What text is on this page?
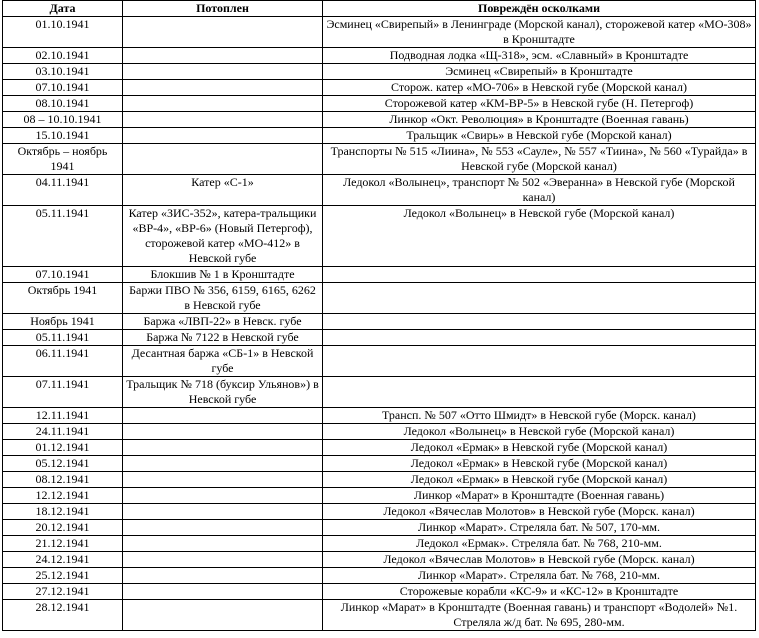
Дата	Потоплен	Повреждён осколками
01.10.1941		Эсминец «Свирепый» в Ленинграде (Морской канал), сторожевой катер «МО-308» в Кронштадте
02.10.1941		Подводная лодка «Щ-318», эсм. «Славный» в Кронштадте
03.10.1941		Эсминец «Свирепый» в Кронштадте
07.10.1941		Сторож. катер «МО-706» в Невской губе (Морской канал)
08.10.1941		Сторожевой катер «КМ-ВР-5» в Невской губе (Н. Петергоф)
08 – 10.10.1941		Линкор «Окт. Революция» в Кронштадте (Военная гавань)
15.10.1941		Тральщик «Свирь» в Невской губе (Морской канал)
Октябрь – ноябрь 1941		Транспорты № 515 «Лиина», № 553 «Сауле», № 557 «Тиина», № 560 «Турайда» в Невской губе (Морской канал)
04.11.1941	Катер «С-1»	Ледокол «Волынец», транспорт № 502 «Эверанна» в Невской губе (Морской канал)
05.11.1941	Катер «ЗИС-352», катера-тральщики «ВР-4», «ВР-6» (Новый Петергоф), сторожевой катер «МО-412» в Невской губе	Ледокол «Волынец» в Невской губе (Морской канал)
07.10.1941	Блокшив № 1 в Кронштадте	
Октябрь 1941	Баржи ПВО № 356, 6159, 6165, 6262 в Невской губе	
Ноябрь 1941	Баржа «ЛВП-22» в Невск. губе	
05.11.1941	Баржа № 7122 в Невской губе	
06.11.1941	Десантная баржа «СБ-1» в Невской губе	
07.11.1941	Тральщик № 718 (буксир Ульянов») в Невской губе	
12.11.1941		Трансп. № 507 «Отто Шмидт» в Невской губе (Морск. канал)
24.11.1941		Ледокол «Волынец» в Невской губе (Морской канал)
01.12.1941		Ледокол «Ермак» в Невской губе (Морской канал)
05.12.1941		Ледокол «Ермак» в Невской губе (Морской канал)
08.12.1941		Ледокол «Ермак» в Невской губе (Морской канал)
12.12.1941		Линкор «Марат» в Кронштадте (Военная гавань)
18.12.1941		Ледокол «Вячеслав Молотов» в Невской губе (Морск. канал)
20.12.1941		Линкор «Марат». Стреляла бат. № 507, 170-мм.
21.12.1941		Ледокол «Ермак». Стреляла бат. № 768, 210-мм.
24.12.1941		Ледокол «Вячеслав Молотов» в Невской губе (Морск. канал)
25.12.1941		Линкор «Марат». Стреляла бат. № 768, 210-мм.
27.12.1941		Сторожевые корабли «КС-9» и «КС-12» в Кронштадте
28.12.1941		Линкор «Марат» в Кронштадте (Военная гавань) и транспорт «Водолей» №1. Стреляла ж/д бат. № 695, 280-мм.
